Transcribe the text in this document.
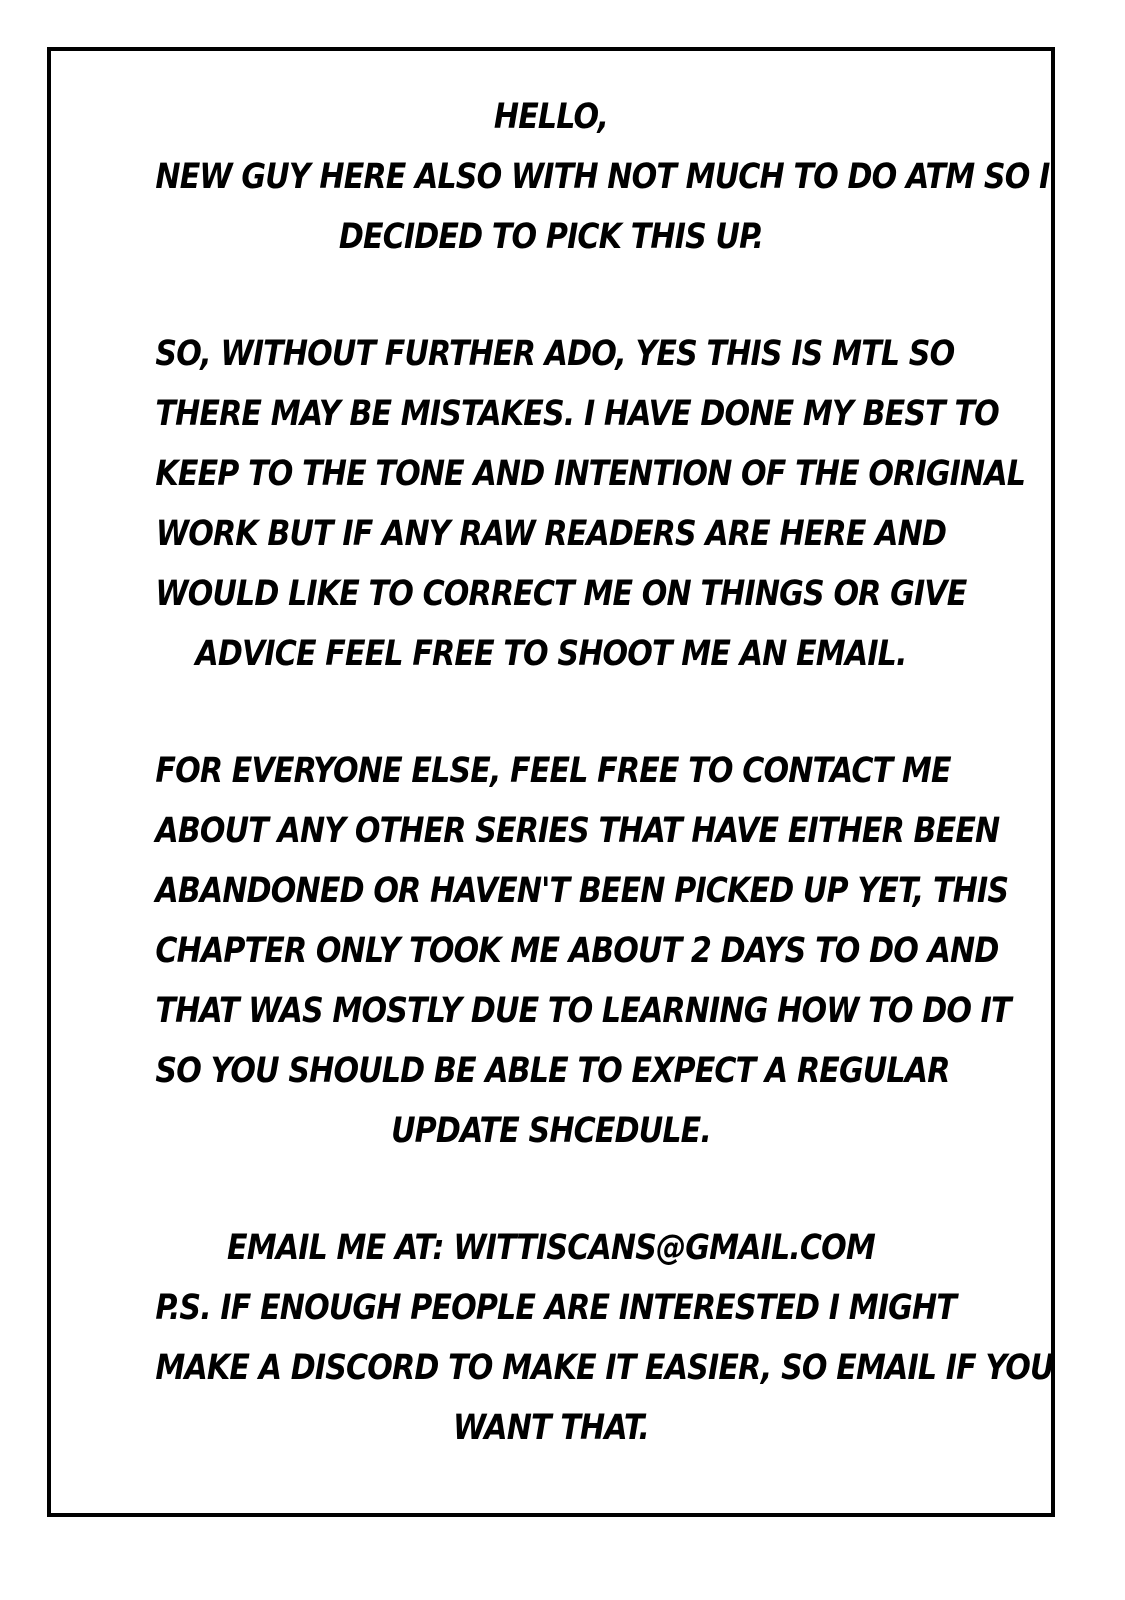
HELLO,
NEW GUY HERE ALSO WITH NOT MUCH TO DO ATM SO I
DECIDED TO PICK THIS UP.
SO, WITHOUT FURTHER ADO, YES THIS IS MTL SO
THERE MAY BE MISTAKES. I HAVE DONE MY BEST TO
KEEP TO THE TONE AND INTENTION OF THE ORIGINAL
WORK BUT IF ANY RAW READERS ARE HERE AND
WOULD LIKE TO CORRECT ME ON THINGS OR GIVE
ADVICE FEEL FREE TO SHOOT ME AN EMAIL.
FOR EVERYONE ELSE, FEEL FREE TO CONTACT ME
ABOUT ANY OTHER SERIES THAT HAVE EITHER BEEN
ABANDONED OR HAVEN'T BEEN PICKED UP YET, THIS
CHAPTER ONLY TOOK ME ABOUT 2 DAYS TO DO AND
THAT WAS MOSTLY DUE TO LEARNING HOW TO DO IT
SO YOU SHOULD BE ABLE TO EXPECT A REGULAR
UPDATE SHCEDULE.
EMAIL ME AT: WITTISCANS@GMAIL.COM
P.S. IF ENOUGH PEOPLE ARE INTERESTED I MIGHT
MAKE A DISCORD TO MAKE IT EASIER, SO EMAIL IF YOU
WANT THAT.
